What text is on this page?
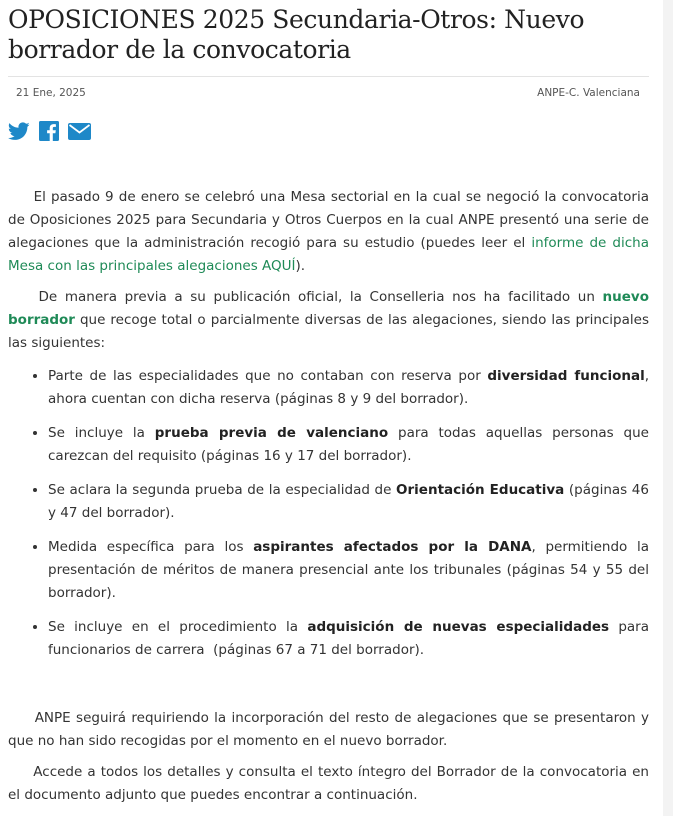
OPOSICIONES 2025 Secundaria-Otros: Nuevo borrador de la convocatoria
21 Ene, 2025	ANPE-C. Valenciana

El pasado 9 de enero se celebró una Mesa sectorial en la cual se negoció la convocatoria de Oposiciones 2025 para Secundaria y Otros Cuerpos en la cual ANPE presentó una serie de alegaciones que la administración recogió para su estudio (puedes leer el informe de dicha Mesa con las principales alegaciones AQUÍ).

De manera previa a su publicación oficial, la Conselleria nos ha facilitado un nuevo borrador que recoge total o parcialmente diversas de las alegaciones, siendo las principales las siguientes:

• Parte de las especialidades que no contaban con reserva por diversidad funcional, ahora cuentan con dicha reserva (páginas 8 y 9 del borrador).
• Se incluye la prueba previa de valenciano para todas aquellas personas que carezcan del requisito (páginas 16 y 17 del borrador).
• Se aclara la segunda prueba de la especialidad de Orientación Educativa (páginas 46 y 47 del borrador).
• Medida específica para los aspirantes afectados por la DANA, permitiendo la presentación de méritos de manera presencial ante los tribunales (páginas 54 y 55 del borrador).
• Se incluye en el procedimiento la adquisición de nuevas especialidades para funcionarios de carrera  (páginas 67 a 71 del borrador).

ANPE seguirá requiriendo la incorporación del resto de alegaciones que se presentaron y que no han sido recogidas por el momento en el nuevo borrador.

Accede a todos los detalles y consulta el texto íntegro del Borrador de la convocatoria en el documento adjunto que puedes encontrar a continuación.
